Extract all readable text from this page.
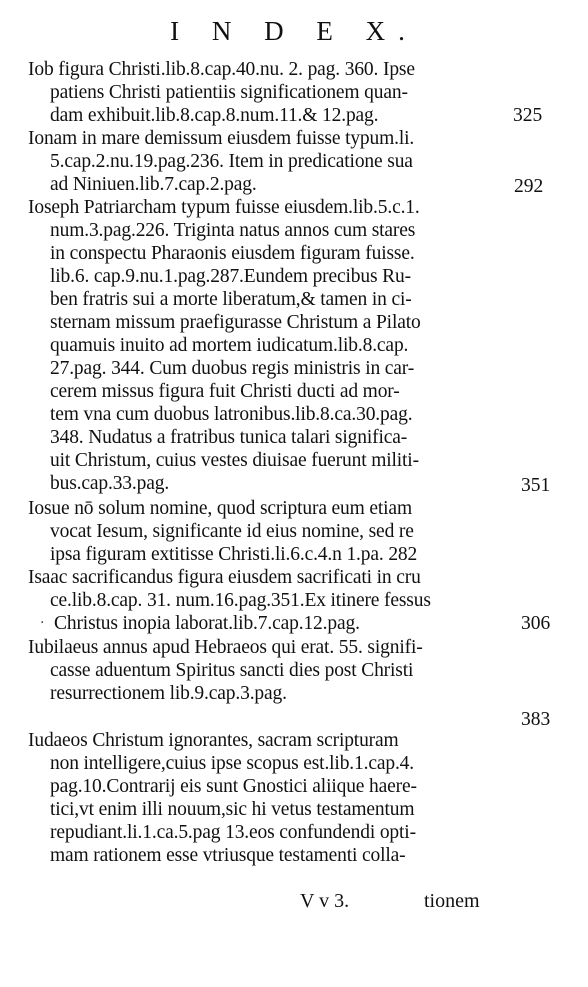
I N D E X.
Iob figura Christi.lib.8.cap.40.nu. 2. pag. 360. Ipse
patiens Christi patientiis significationem quan-
dam exhibuit.lib.8.cap.8.num.11.& 12.pag.	325
Ionam in mare demissum eiusdem fuisse typum.li.
5.cap.2.nu.19.pag.236. Item in predicatione sua
ad Niniuen.lib.7.cap.2.pag.	292
Ioseph Patriarcham typum fuisse eiusdem.lib.5.c.1.
num.3.pag.226. Triginta natus annos cum stares
in conspectu Pharaonis eiusdem figuram fuisse.
lib.6. cap.9.nu.1.pag.287.Eundem precibus Ru-
ben fratris sui a morte liberatum,& tamen in ci-
sternam missum praefigurasse Christum a Pilato
quamuis inuito ad mortem iudicatum.lib.8.cap.
27.pag. 344. Cum duobus regis ministris in car-
cerem missus figura fuit Christi ducti ad mor-
tem vna cum duobus latronibus.lib.8.ca.30.pag.
348. Nudatus a fratribus tunica talari significa-
uit Christum, cuius vestes diuisae fuerunt militi-
bus.cap.33.pag.	351
Iosue nō solum nomine, quod scriptura eum etiam
vocat Iesum, significante id eius nomine, sed re
ipsa figuram extitisse Christi.li.6.c.4.n 1.pa. 282
Isaac sacrificandus figura eiusdem sacrificati in cru
ce.lib.8.cap. 31. num.16.pag.351.Ex itinere fessus
· Christus inopia laborat.lib.7.cap.12.pag.	306
Iubilaeus annus apud Hebraeos qui erat. 55. signifi-
casse aduentum Spiritus sancti dies post Christi
resurrectionem lib.9.cap.3.pag.
383
Iudaeos Christum ignorantes, sacram scripturam
non intelligere,cuius ipse scopus est.lib.1.cap.4.
pag.10.Contrarij eis sunt Gnostici aliique haere-
tici,vt enim illi nouum,sic hi vetus testamentum
repudiant.li.1.ca.5.pag 13.eos confundendi opti-
mam rationem esse vtriusque testamenti colla-
V v 3.	tionem
